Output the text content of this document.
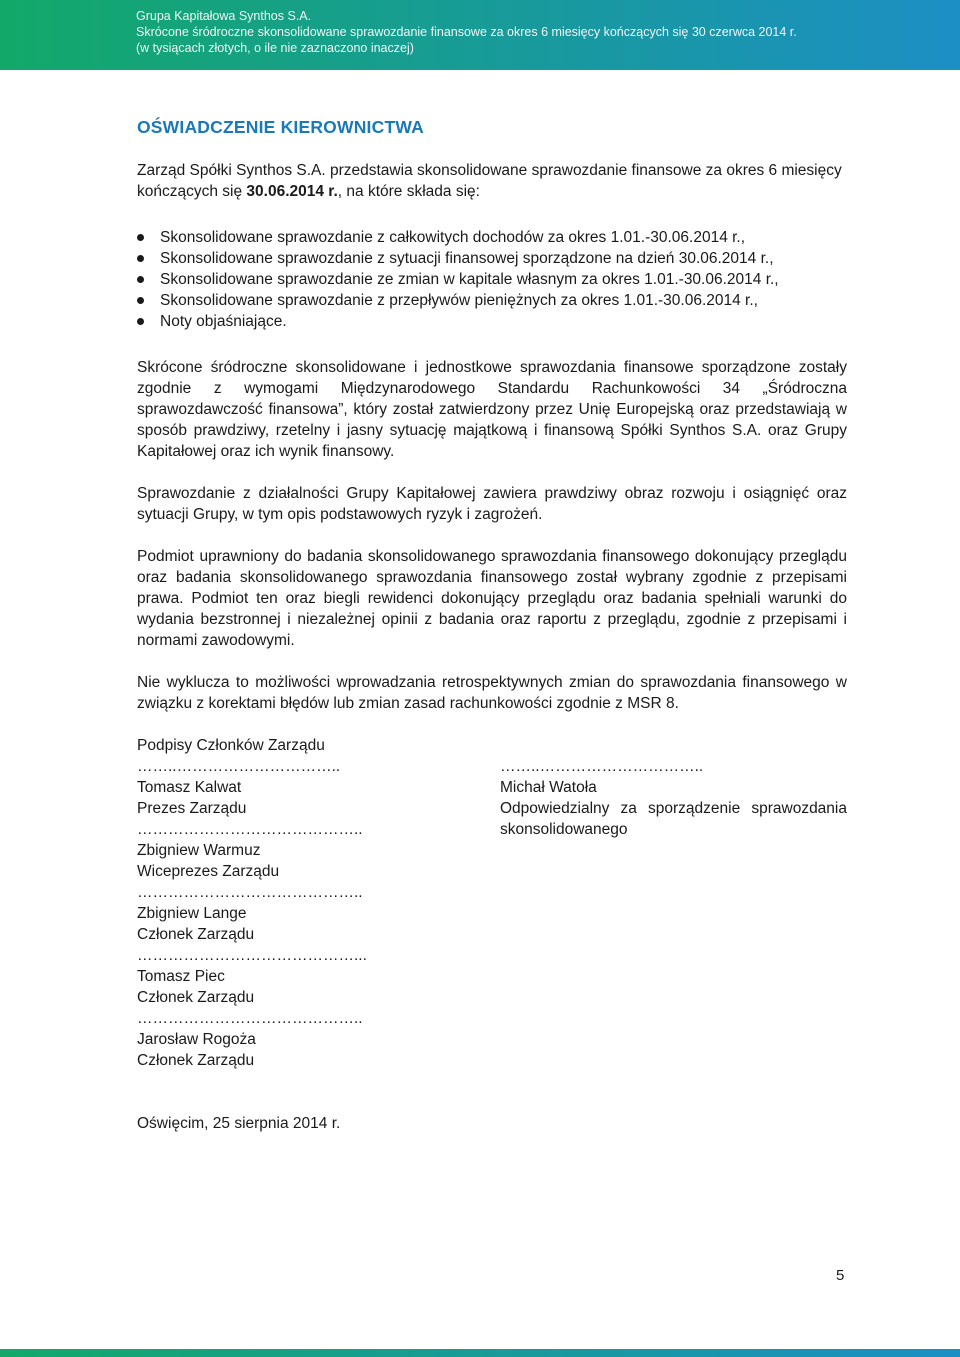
Grupa Kapitałowa Synthos S.A.
Skrócone śródroczne skonsolidowane sprawozdanie finansowe za okres 6 miesięcy kończących się 30 czerwca 2014 r.
(w tysiącach złotych, o ile nie zaznaczono inaczej)
OŚWIADCZENIE KIEROWNICTWA

Zarząd Spółki Synthos S.A. przedstawia skonsolidowane sprawozdanie finansowe za okres 6 miesięcy kończących się 30.06.2014 r., na które składa się:

Skonsolidowane sprawozdanie z całkowitych dochodów za okres 1.01.-30.06.2014 r.,
Skonsolidowane sprawozdanie z sytuacji finansowej sporządzone na dzień 30.06.2014 r.,
Skonsolidowane sprawozdanie ze zmian w kapitale własnym za okres 1.01.-30.06.2014 r.,
Skonsolidowane sprawozdanie z przepływów pieniężnych za okres 1.01.-30.06.2014 r.,
Noty objaśniające.

Skrócone śródroczne skonsolidowane i jednostkowe sprawozdania finansowe sporządzone zostały zgodnie z wymogami Międzynarodowego Standardu Rachunkowości 34 „Śródroczna sprawozdawczość finansowa”, który został zatwierdzony przez Unię Europejską oraz przedstawiają w sposób prawdziwy, rzetelny i jasny sytuację majątkową i finansową Spółki Synthos S.A. oraz Grupy Kapitałowej oraz ich wynik finansowy.

Sprawozdanie z działalności Grupy Kapitałowej zawiera prawdziwy obraz rozwoju i osiągnięć oraz sytuacji Grupy, w tym opis podstawowych ryzyk i zagrożeń.

Podmiot uprawniony do badania skonsolidowanego sprawozdania finansowego dokonujący przeglądu oraz badania skonsolidowanego sprawozdania finansowego został wybrany zgodnie z przepisami prawa. Podmiot ten oraz biegli rewidenci dokonujący przeglądu oraz badania spełniali warunki do wydania bezstronnej i niezależnej opinii z badania oraz raportu z przeglądu, zgodnie z przepisami i normami zawodowymi.

Nie wyklucza to możliwości wprowadzania retrospektywnych zmian do sprawozdania finansowego w związku z korektami błędów lub zmian zasad rachunkowości zgodnie z MSR 8.

Podpisy Członków Zarządu
……..…………………………..
Tomasz Kalwat
Prezes Zarządu
……………………………………..
Zbigniew Warmuz
Wiceprezes Zarządu
……………………………………..
Zbigniew Lange
Członek Zarządu
……………………………………...
Tomasz Piec
Członek Zarządu
……………………………………..
Jarosław Rogoża
Członek Zarządu
……..…………………………..
Michał Watoła
Odpowiedzialny za sporządzenie sprawozdania skonsolidowanego
Oświęcim, 25 sierpnia 2014 r.
5
